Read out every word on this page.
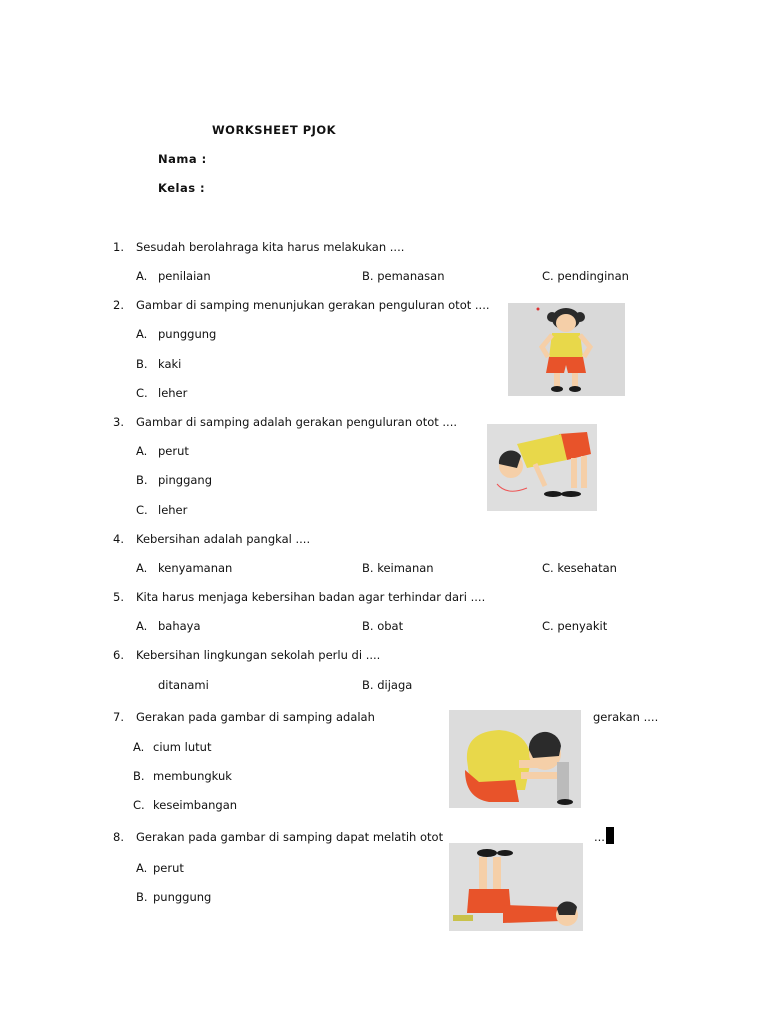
WORKSHEET PJOK
Nama :
Kelas :
1. Sesudah berolahraga kita harus melakukan ....
A. penilaian	B. pemanasan	C. pendinginan
2. Gambar di samping menunjukan gerakan penguluran otot ....
A. punggung
B. kaki
C. leher
3. Gambar di samping adalah gerakan penguluran otot ....
A. perut
B. pinggang
C. leher
4. Kebersihan adalah pangkal ....
A. kenyamanan	B. keimanan	C. kesehatan
5. Kita harus menjaga kebersihan badan agar terhindar dari ....
A. bahaya	B. obat	C. penyakit
6. Kebersihan lingkungan sekolah perlu di ....
ditanami	B. dijaga
7. Gerakan pada gambar di samping adalah	gerakan ....
A. cium lutut
B. membungkuk
C. keseimbangan
8. Gerakan pada gambar di samping dapat melatih otot	...
A. perut
B. punggung
